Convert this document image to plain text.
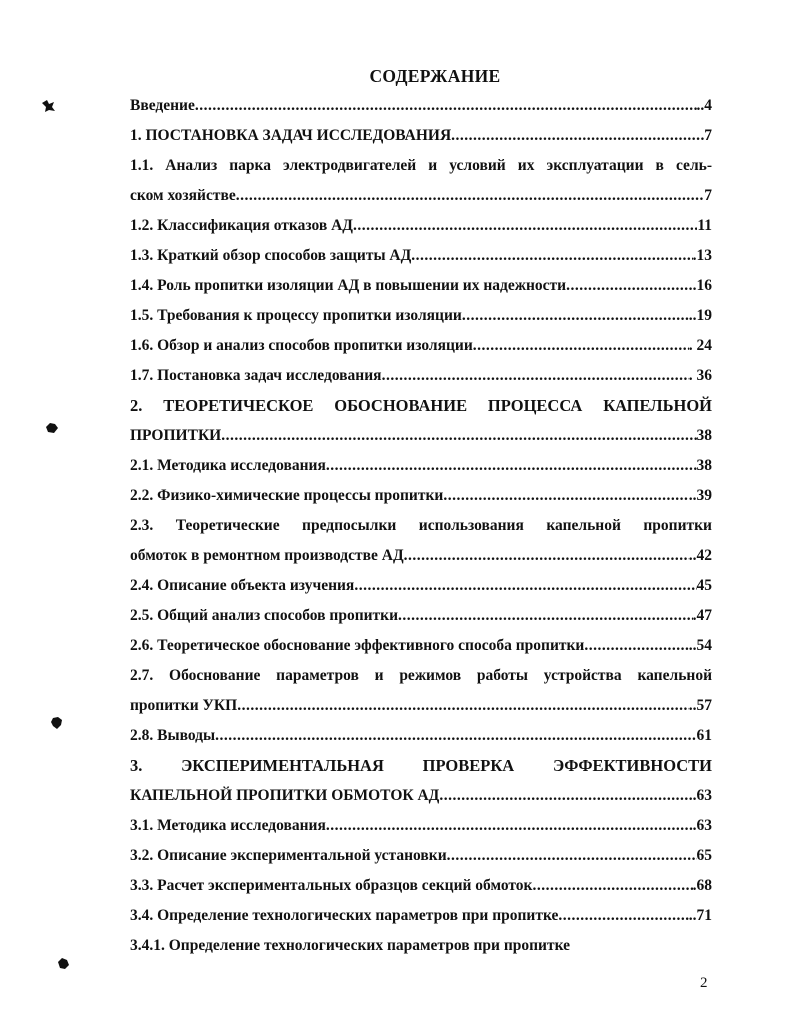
СОДЕРЖАНИЕ
Введение .....	..4
1. ПОСТАНОВКА ЗАДАЧ ИССЛЕДОВАНИЯ .....	7
1.1. Анализ парка электродвигателей и условий их эксплуатации в сель-
ском хозяйстве .....	7
1.2. Классификация отказов АД .....	11
1.3. Краткий обзор способов защиты АД .....	.13
1.4. Роль пропитки изоляции АД в повышении их надежности .....	.16
1.5. Требования к процессу пропитки изоляции .....	..19
1.6. Обзор и анализ способов пропитки изоляции .....	. 24
1.7. Постановка задач исследования .....	. 36
2. ТЕОРЕТИЧЕСКОЕ ОБОСНОВАНИЕ ПРОЦЕССА КАПЕЛЬНОЙ
ПРОПИТКИ .....	38
2.1. Методика исследования .....	38
2.2. Физико-химические процессы пропитки .....	..39
2.3. Теоретические предпосылки использования капельной пропитки
обмоток в ремонтном производстве АД .....	..42
2.4. Описание объекта изучения .....	45
2.5. Общий анализ способов пропитки .....	.47
2.6. Теоретическое обоснование эффективного способа пропитки .....	..54
2.7. Обоснование параметров и режимов работы устройства капельной
пропитки УКП .....	..57
2.8. Выводы .....	61
3. ЭКСПЕРИМЕНТАЛЬНАЯ ПРОВЕРКА ЭФФЕКТИВНОСТИ
КАПЕЛЬНОЙ ПРОПИТКИ ОБМОТОК АД .....	..63
3.1. Методика исследования .....	.63
3.2. Описание экспериментальной установки .....	65
3.3. Расчет экспериментальных образцов секций обмоток .....	.68
3.4. Определение технологических параметров при пропитке .....	..71
3.4.1. Определение технологических параметров при пропитке
2
